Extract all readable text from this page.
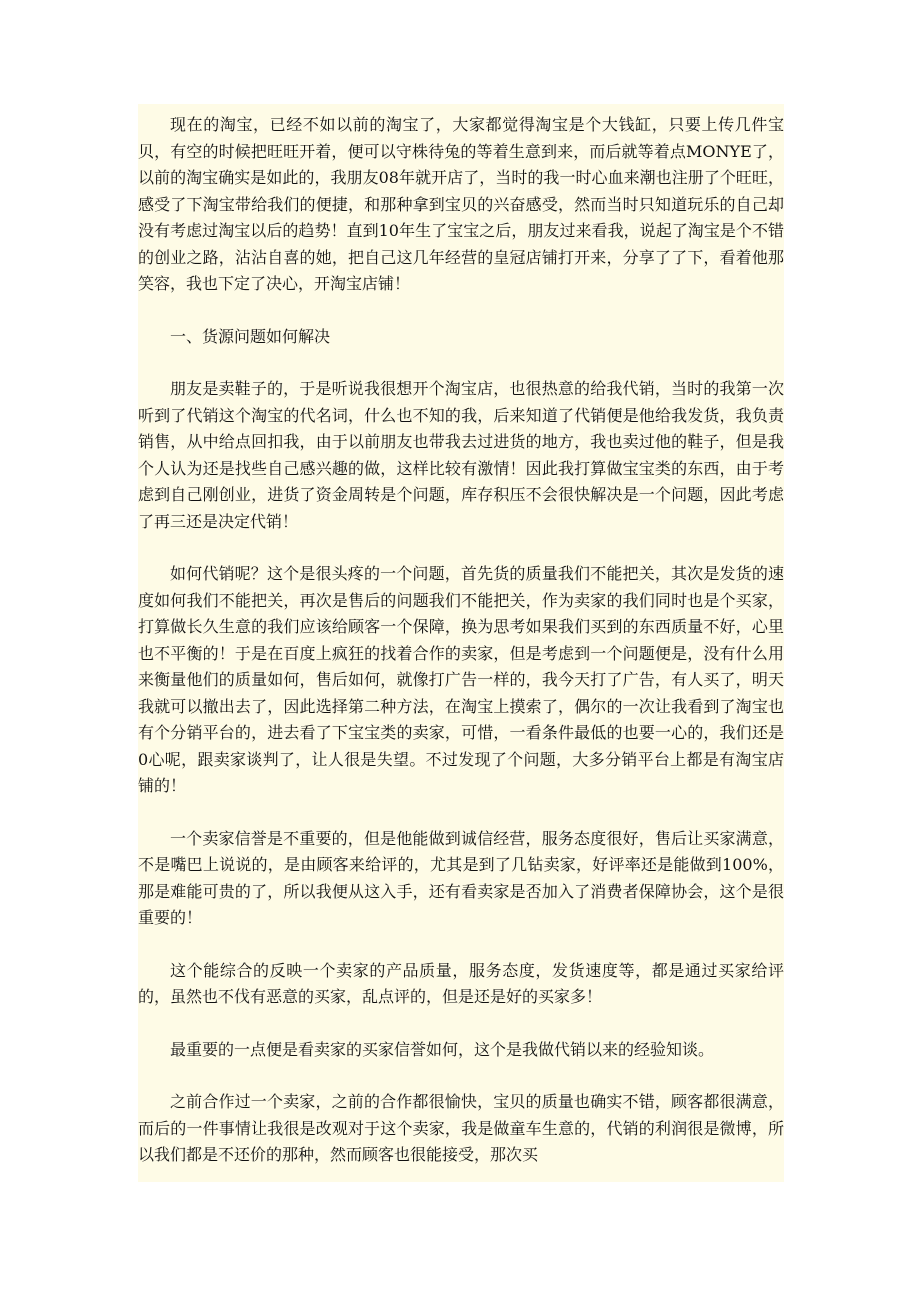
现在的淘宝，已经不如以前的淘宝了，大家都觉得淘宝是个大钱缸，只要上传几件宝贝，有空的时候把旺旺开着，便可以守株待兔的等着生意到来，而后就等着点MONYE了，以前的淘宝确实是如此的，我朋友08年就开店了，当时的我一时心血来潮也注册了个旺旺，感受了下淘宝带给我们的便捷，和那种拿到宝贝的兴奋感受，然而当时只知道玩乐的自己却没有考虑过淘宝以后的趋势！直到10年生了宝宝之后，朋友过来看我，说起了淘宝是个不错的创业之路，沾沾自喜的她，把自己这几年经营的皇冠店铺打开来，分享了了下，看着他那笑容，我也下定了决心，开淘宝店铺！

一、货源问题如何解决

朋友是卖鞋子的，于是听说我很想开个淘宝店，也很热意的给我代销，当时的我第一次听到了代销这个淘宝的代名词，什么也不知的我，后来知道了代销便是他给我发货，我负责销售，从中给点回扣我，由于以前朋友也带我去过进货的地方，我也卖过他的鞋子，但是我个人认为还是找些自己感兴趣的做，这样比较有激情！因此我打算做宝宝类的东西，由于考虑到自己刚创业，进货了资金周转是个问题，库存积压不会很快解决是一个问题，因此考虑了再三还是决定代销！

如何代销呢？这个是很头疼的一个问题，首先货的质量我们不能把关，其次是发货的速度如何我们不能把关，再次是售后的问题我们不能把关，作为卖家的我们同时也是个买家，打算做长久生意的我们应该给顾客一个保障，换为思考如果我们买到的东西质量不好，心里也不平衡的！于是在百度上疯狂的找着合作的卖家，但是考虑到一个问题便是，没有什么用来衡量他们的质量如何，售后如何，就像打广告一样的，我今天打了广告，有人买了，明天我就可以撤出去了，因此选择第二种方法，在淘宝上摸索了，偶尔的一次让我看到了淘宝也有个分销平台的，进去看了下宝宝类的卖家，可惜，一看条件最低的也要一心的，我们还是0心呢，跟卖家谈判了，让人很是失望。不过发现了个问题，大多分销平台上都是有淘宝店铺的！

一个卖家信誉是不重要的，但是他能做到诚信经营，服务态度很好，售后让买家满意，不是嘴巴上说说的，是由顾客来给评的，尤其是到了几钻卖家，好评率还是能做到100%，那是难能可贵的了，所以我便从这入手，还有看卖家是否加入了消费者保障协会，这个是很重要的！

这个能综合的反映一个卖家的产品质量，服务态度，发货速度等，都是通过买家给评的，虽然也不伐有恶意的买家，乱点评的，但是还是好的买家多！

最重要的一点便是看卖家的买家信誉如何，这个是我做代销以来的经验知谈。

之前合作过一个卖家，之前的合作都很愉快，宝贝的质量也确实不错，顾客都很满意，而后的一件事情让我很是改观对于这个卖家，我是做童车生意的，代销的利润很是微博，所以我们都是不还价的那种，然而顾客也很能接受，那次买
